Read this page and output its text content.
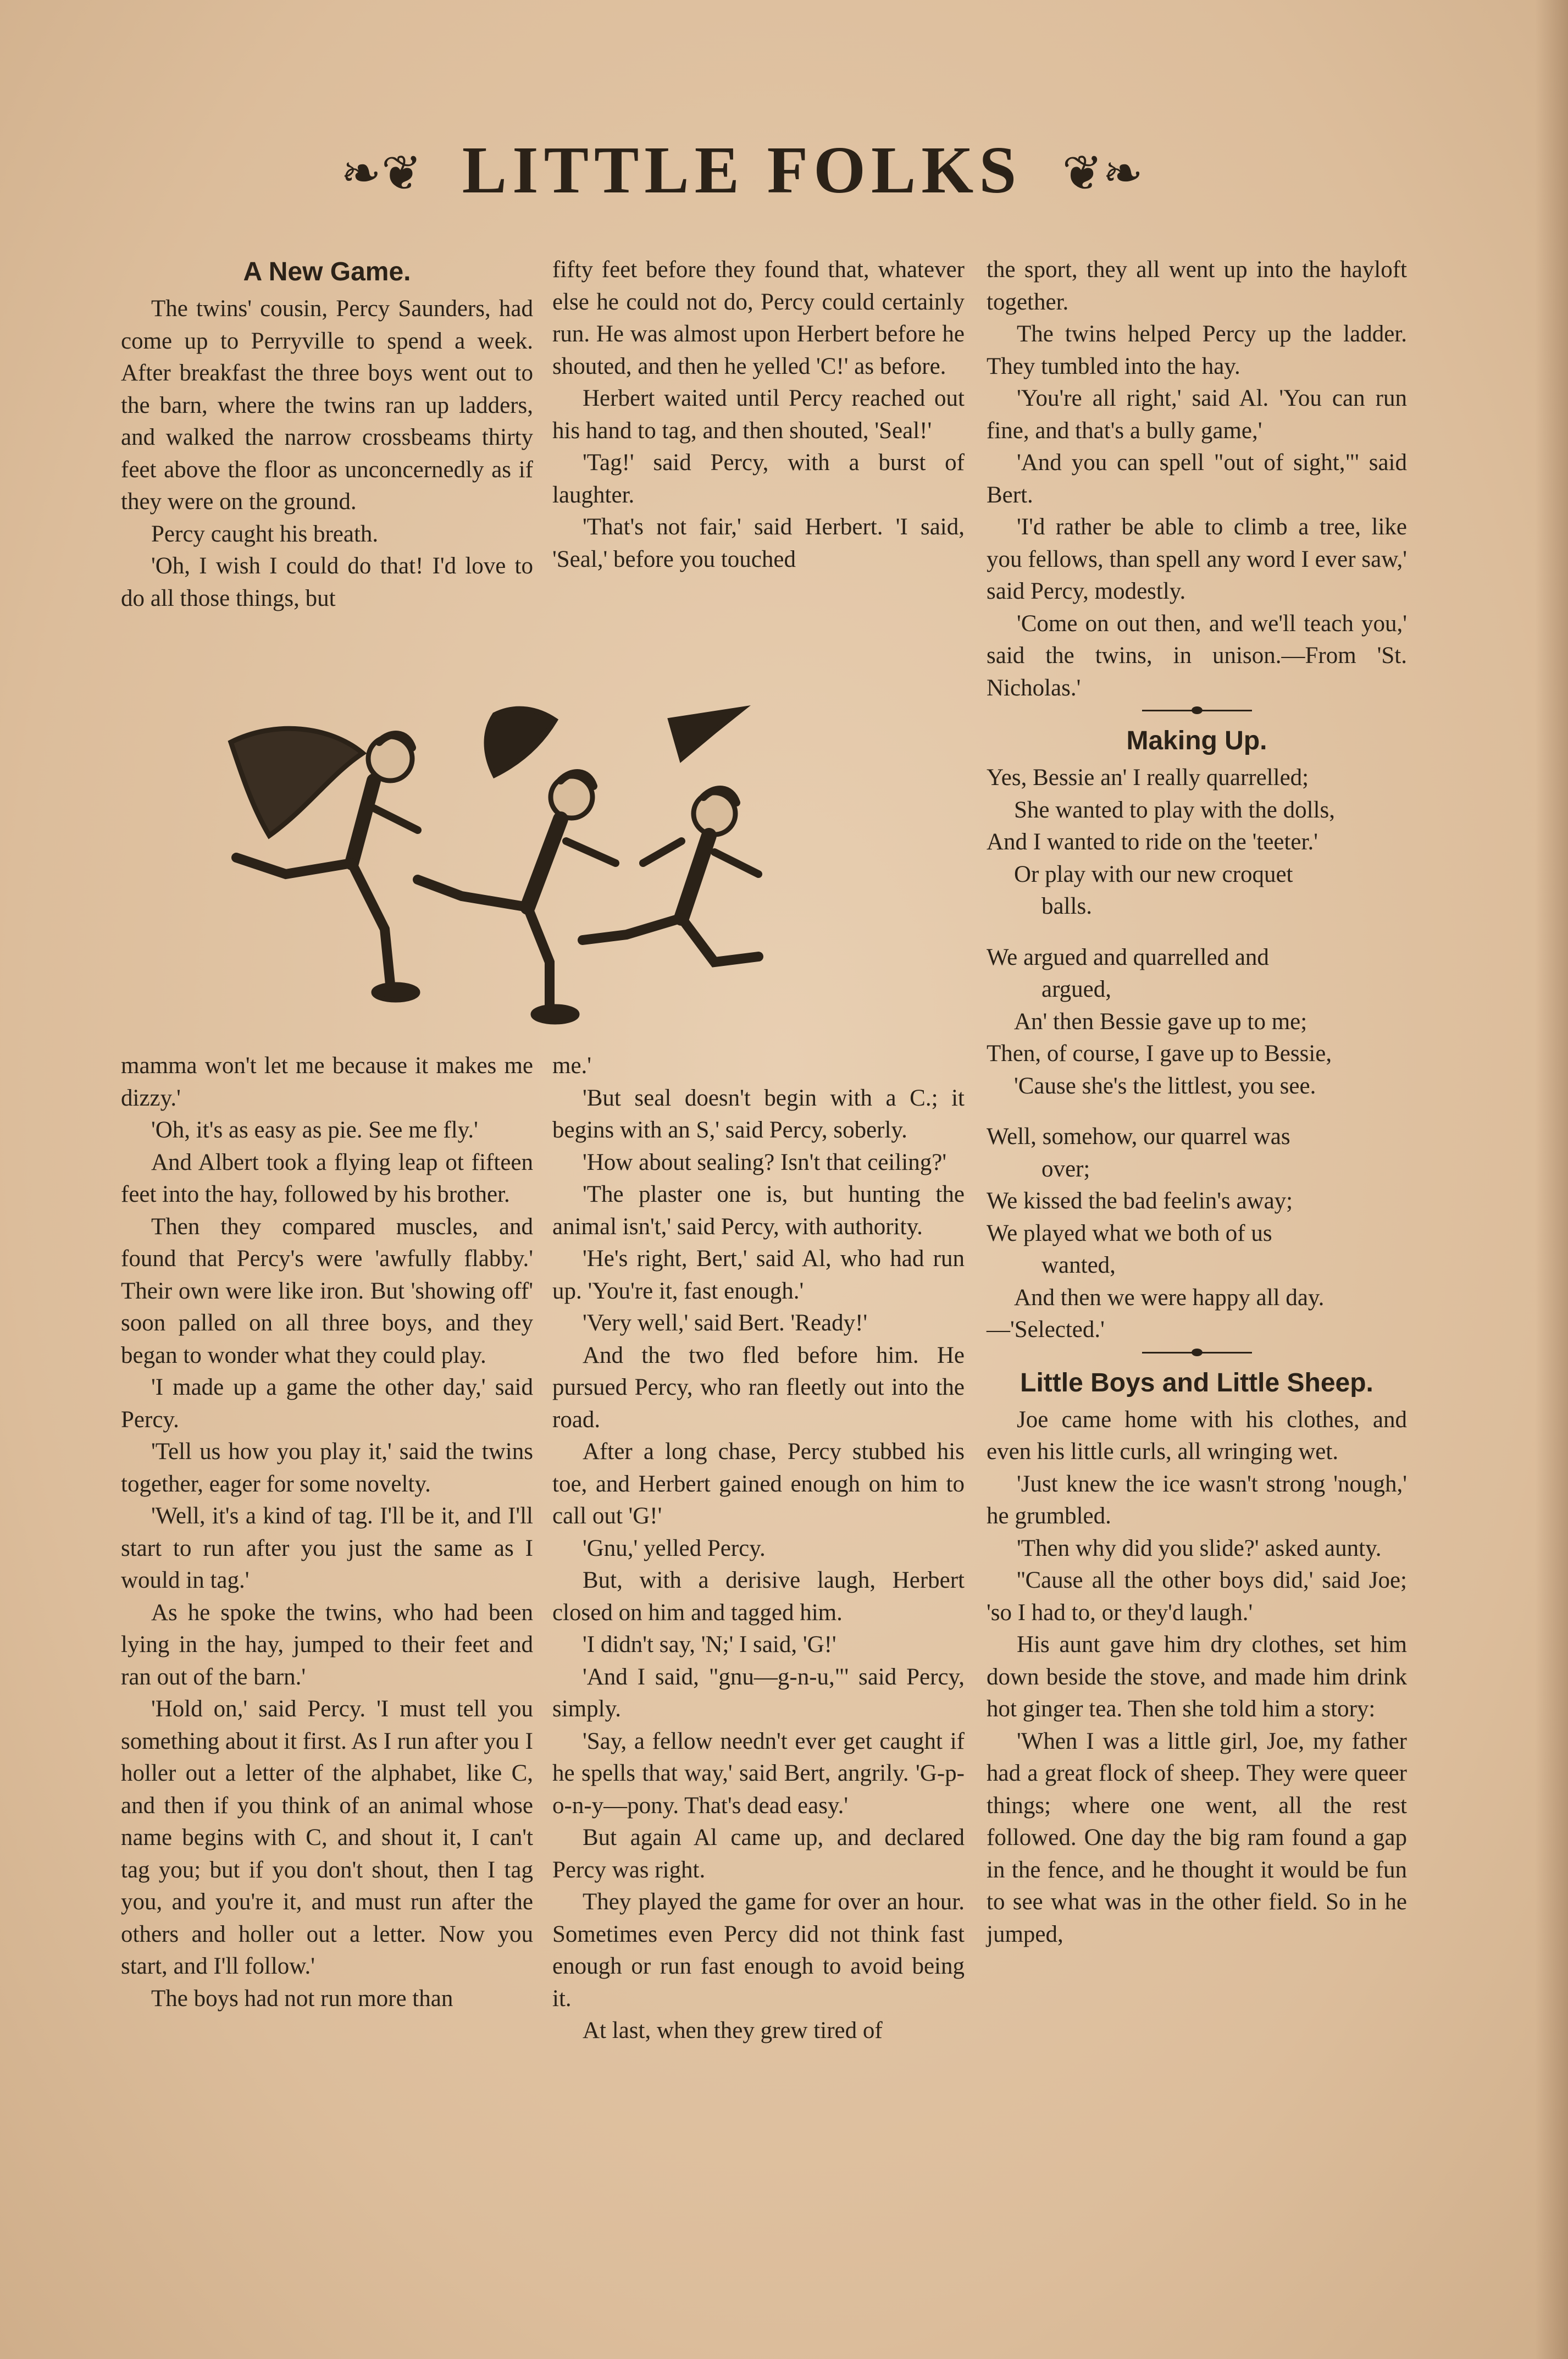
❧❦ LITTLE FOLKS ❦❧
A New Game.

The twins' cousin, Percy Saunders, had come up to Perryville to spend a week. After breakfast the three boys went out to the barn, where the twins ran up ladders, and walked the narrow crossbeams thirty feet above the floor as unconcernedly as if they were on the ground.

Percy caught his breath.

'Oh, I wish I could do that! I'd love to do all those things, but

fifty feet before they found that, whatever else he could not do, Percy could certainly run. He was almost upon Herbert before he shouted, and then he yelled 'C!' as before.

Herbert waited until Percy reached out his hand to tag, and then shouted, 'Seal!'

'Tag!' said Percy, with a burst of laughter.

'That's not fair,' said Herbert. 'I said, 'Seal,' before you touched

mamma won't let me because it makes me dizzy.'

'Oh, it's as easy as pie. See me fly.'

And Albert took a flying leap ot fifteen feet into the hay, followed by his brother.

Then they compared muscles, and found that Percy's were 'awfully flabby.' Their own were like iron. But 'showing off' soon palled on all three boys, and they began to wonder what they could play.

'I made up a game the other day,' said Percy.

'Tell us how you play it,' said the twins together, eager for some novelty.

'Well, it's a kind of tag. I'll be it, and I'll start to run after you just the same as I would in tag.'

As he spoke the twins, who had been lying in the hay, jumped to their feet and ran out of the barn.'

'Hold on,' said Percy. 'I must tell you something about it first. As I run after you I holler out a letter of the alphabet, like C, and then if you think of an animal whose name begins with C, and shout it, I can't tag you; but if you don't shout, then I tag you, and you're it, and must run after the others and holler out a letter. Now you start, and I'll follow.'

The boys had not run more than

me.'

'But seal doesn't begin with a C.; it begins with an S,' said Percy, soberly.

'How about sealing? Isn't that ceiling?'

'The plaster one is, but hunting the animal isn't,' said Percy, with authority.

'He's right, Bert,' said Al, who had run up. 'You're it, fast enough.'

'Very well,' said Bert. 'Ready!'

And the two fled before him. He pursued Percy, who ran fleetly out into the road.

After a long chase, Percy stubbed his toe, and Herbert gained enough on him to call out 'G!'

'Gnu,' yelled Percy.

But, with a derisive laugh, Herbert closed on him and tagged him.

'I didn't say, 'N;' I said, 'G!'

'And I said, "gnu—g-n-u,"' said Percy, simply.

'Say, a fellow needn't ever get caught if he spells that way,' said Bert, angrily. 'G-p-o-n-y—pony. That's dead easy.'

But again Al came up, and declared Percy was right.

They played the game for over an hour. Sometimes even Percy did not think fast enough or run fast enough to avoid being it.

At last, when they grew tired of

the sport, they all went up into the hayloft together.

The twins helped Percy up the ladder. They tumbled into the hay.

'You're all right,' said Al. 'You can run fine, and that's a bully game,'

'And you can spell "out of sight,"' said Bert.

'I'd rather be able to climb a tree, like you fellows, than spell any word I ever saw,' said Percy, modestly.

'Come on out then, and we'll teach you,' said the twins, in unison.—From 'St. Nicholas.'

Making Up.

Yes, Bessie an' I really quarrelled;

She wanted to play with the dolls,

And I wanted to ride on the 'teeter.'

Or play with our new croquet

balls.

We argued and quarrelled and

argued,

An' then Bessie gave up to me;

Then, of course, I gave up to Bessie,

'Cause she's the littlest, you see.

Well, somehow, our quarrel was

over;

We kissed the bad feelin's away;

We played what we both of us

wanted,

And then we were happy all day.

—'Selected.'

Little Boys and Little Sheep.

Joe came home with his clothes, and even his little curls, all wringing wet.

'Just knew the ice wasn't strong 'nough,' he grumbled.

'Then why did you slide?' asked aunty.

''Cause all the other boys did,' said Joe; 'so I had to, or they'd laugh.'

His aunt gave him dry clothes, set him down beside the stove, and made him drink hot ginger tea. Then she told him a story:

'When I was a little girl, Joe, my father had a great flock of sheep. They were queer things; where one went, all the rest followed. One day the big ram found a gap in the fence, and he thought it would be fun to see what was in the other field. So in he jumped,
